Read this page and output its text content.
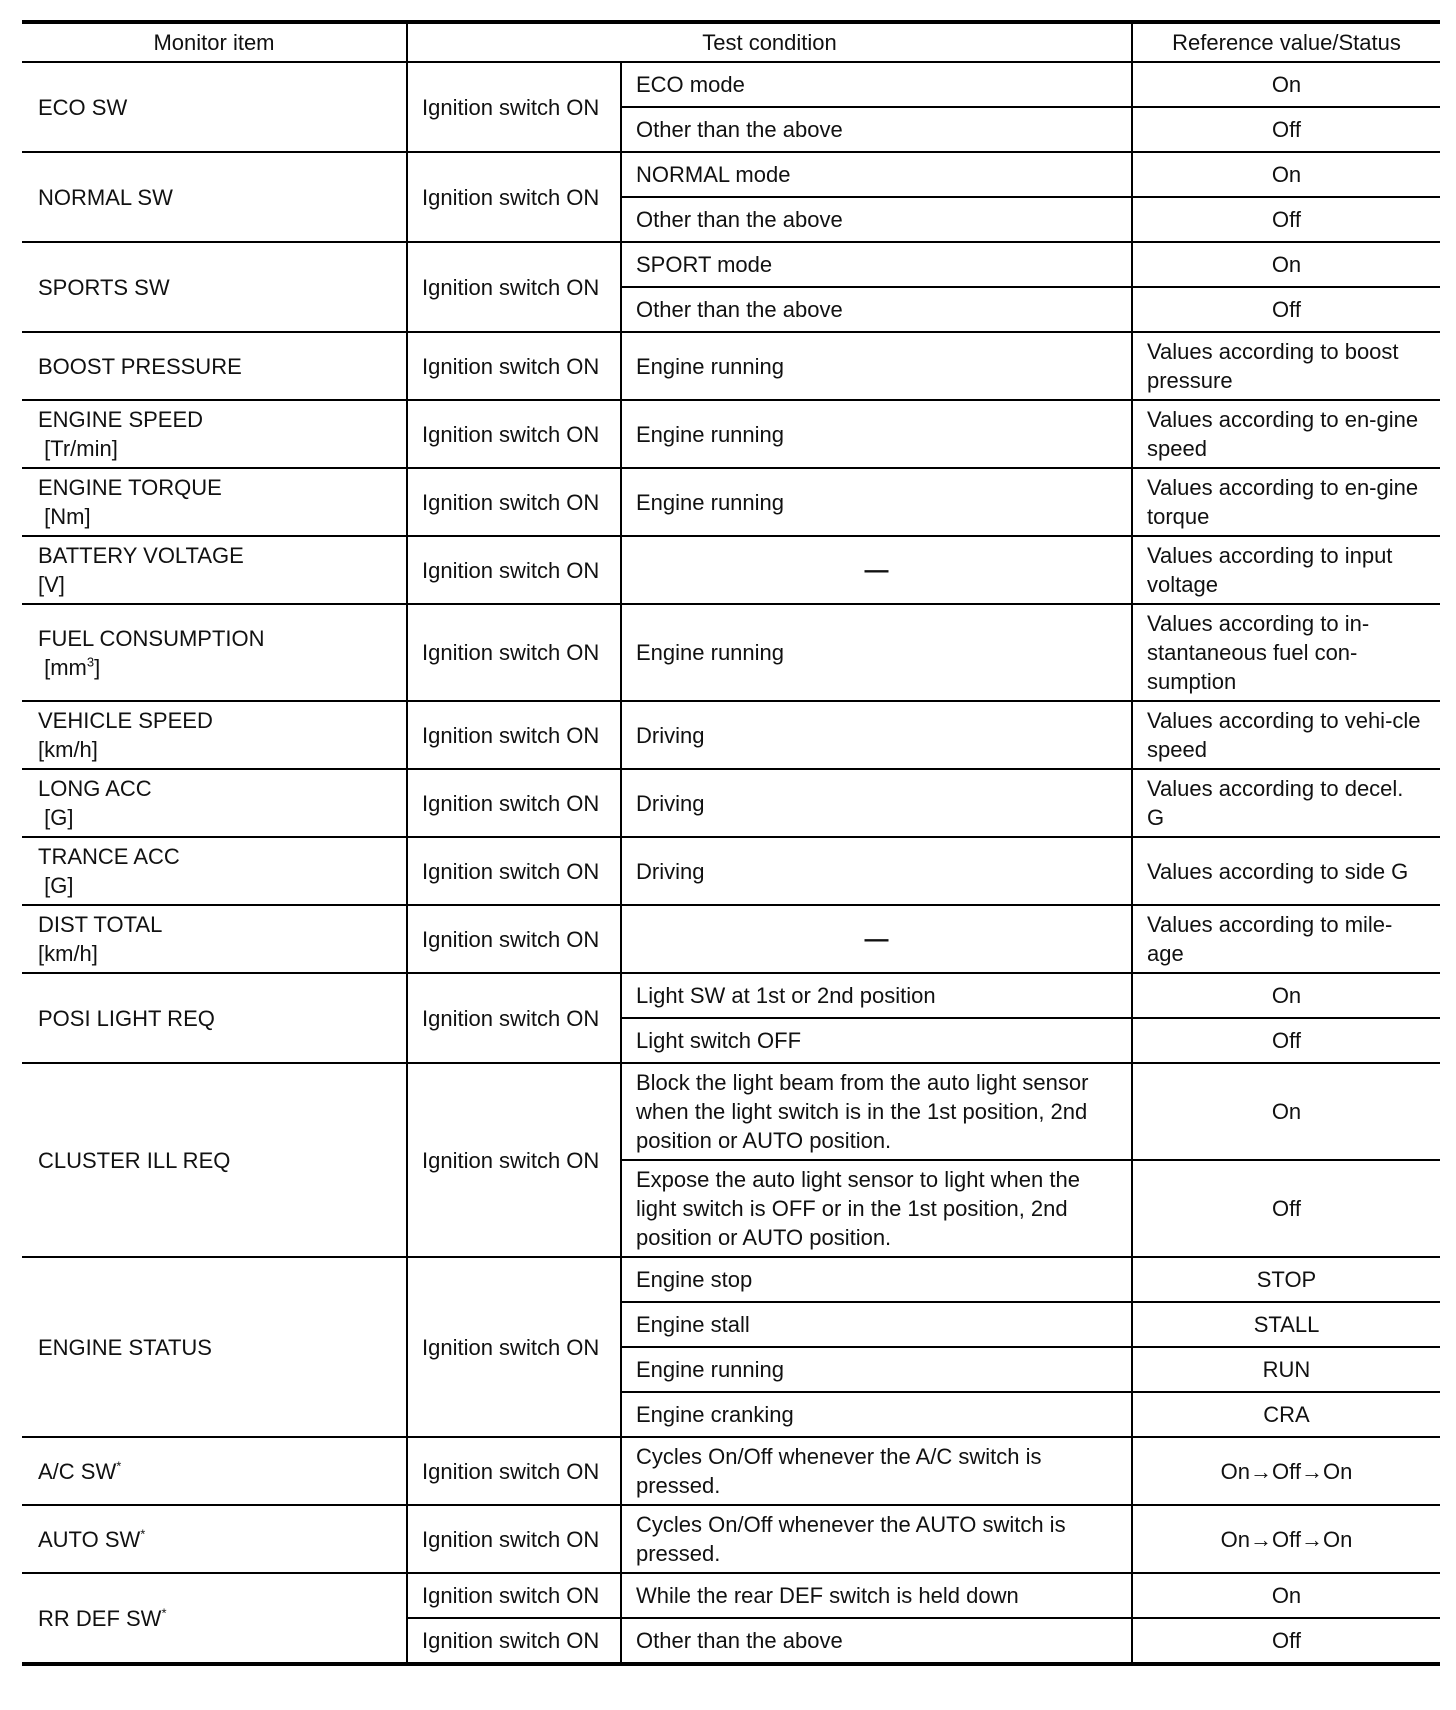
Monitor item	Test condition		Reference value/Status
ECO SW	Ignition switch ON	ECO mode	On
		Other than the above	Off
NORMAL SW	Ignition switch ON	NORMAL mode	On
		Other than the above	Off
SPORTS SW	Ignition switch ON	SPORT mode	On
		Other than the above	Off
BOOST PRESSURE	Ignition switch ON	Engine running	Values according to boost pressure

ENGINE SPEED
[Tr/min]	Ignition switch ON	Engine running	Values according to en-gine speed

ENGINE TORQUE
[Nm]	Ignition switch ON	Engine running	Values according to en-gine torque

BATTERY VOLTAGE
[V]	Ignition switch ON	—	Values according to input voltage

FUEL CONSUMPTION
$[mm^3]$	Ignition switch ON	Engine running	Values according to in-stantaneous fuel con-sumption

VEHICLE SPEED
[km/h]	Ignition switch ON	Driving	Values according to vehi-cle speed

LONG ACC
[G]	Ignition switch ON	Driving	Values according to decel. G

TRANCE ACC
[G]	Ignition switch ON	Driving	Values according to side G

DIST TOTAL
[km/h]	Ignition switch ON	—	Values according to mile-age
POSI LIGHT REQ	Ignition switch ON	Light SW at 1st or 2nd position	On
		Light switch OFF	Off
CLUSTER ILL REQ	Ignition switch ON	Block the light beam from the auto light sensor when the light switch is in the 1st position, 2nd position or AUTO position.	On
		Expose the auto light sensor to light when the light switch is OFF or in the 1st position, 2nd position or AUTO position.	Off
ENGINE STATUS	Ignition switch ON	Engine stop	STOP
		Engine stall	STALL
		Engine running	RUN
		Engine cranking	CRA
A/C SW*	Ignition switch ON	Cycles On/Off whenever the A/C switch is pressed.	On→Off→On
AUTO SW*	Ignition switch ON	Cycles On/Off whenever the AUTO switch is pressed.	On→Off→On
RR DEF SW*	Ignition switch ON	While the rear DEF switch is held down	On
	Ignition switch ON	Other than the above	Off
